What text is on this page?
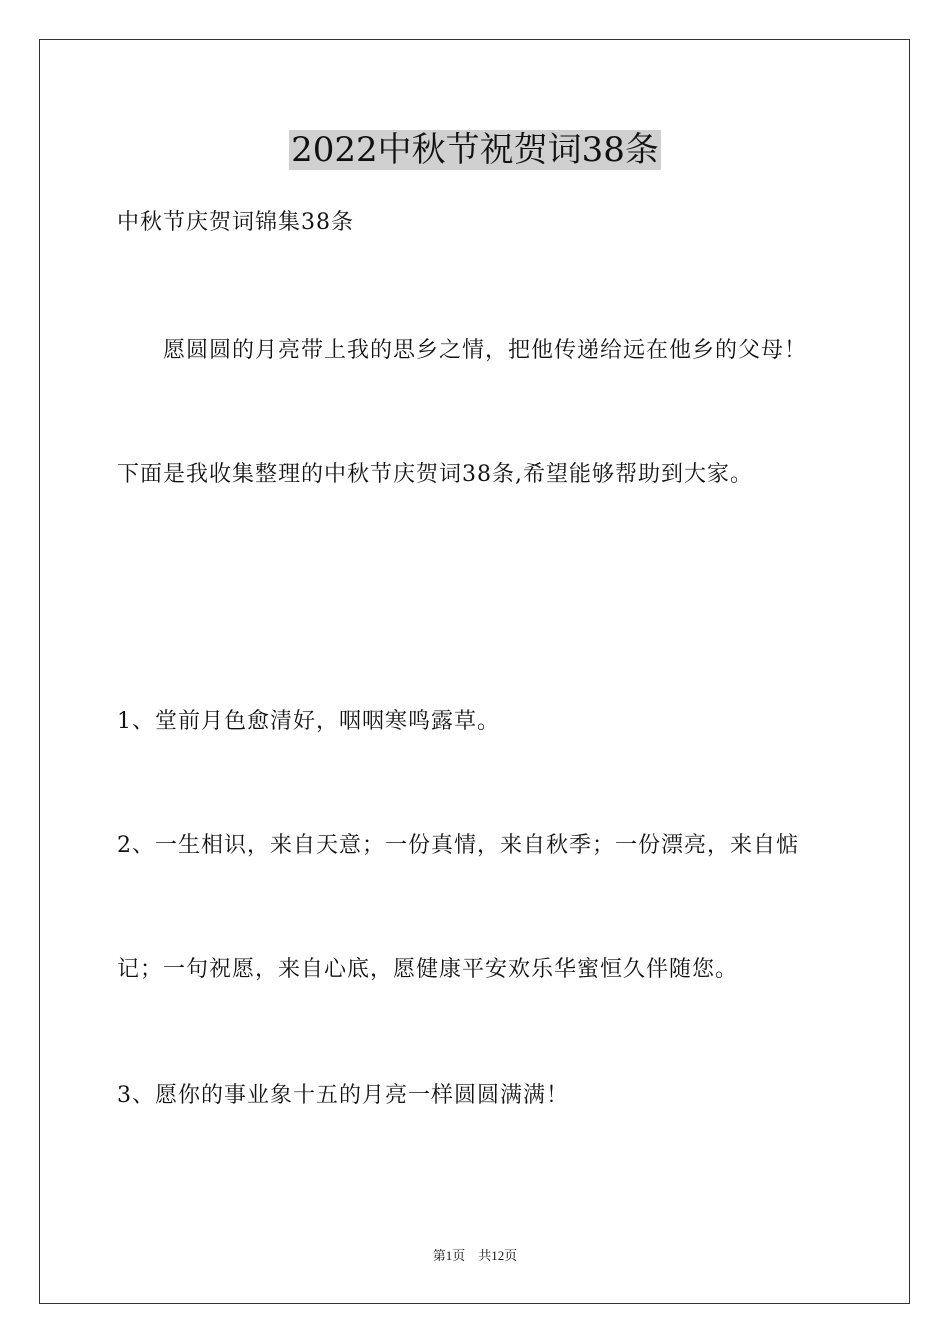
2022中秋节祝贺词38条
中秋节庆贺词锦集38条
愿圆圆的月亮带上我的思乡之情，把他传递给远在他乡的父母！
下面是我收集整理的中秋节庆贺词38条,希望能够帮助到大家。
1、堂前月色愈清好，咽咽寒鸣露草。
2、一生相识，来自天意；一份真情，来自秋季；一份漂亮，来自惦
记；一句祝愿，来自心底，愿健康平安欢乐华蜜恒久伴随您。
3、愿你的事业象十五的月亮一样圆圆满满！
第1页　共12页
